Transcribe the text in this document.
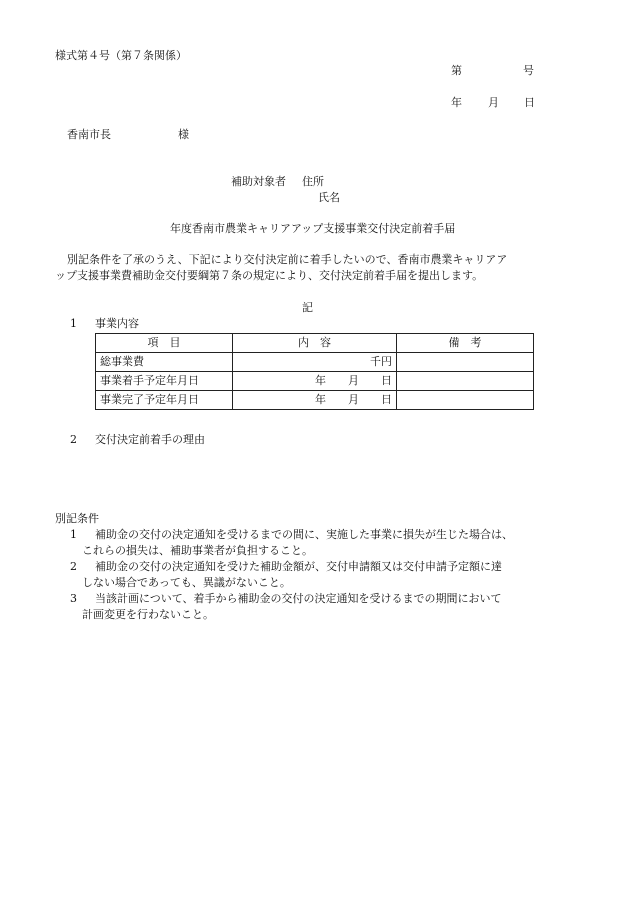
様式第４号（第７条関係）
第	号
年 月 日
香南市長	様
補助対象者 住所
氏名
年度香南市農業キャリアアップ支援事業交付決定前着手届
別記条件を了承のうえ、下記により交付決定前に着手したいので、香南市農業キャリアア
ップ支援事業費補助金交付要綱第７条の規定により、交付決定前着手届を提出します。
記
1 事業内容
項　目	内　容	備　考
総事業費	千円	
事業着手予定年月日	年　　月　　日	
事業完了予定年月日	年　　月　　日	
2 交付決定前着手の理由
別記条件
1 補助金の交付の決定通知を受けるまでの間に、実施した事業に損失が生じた場合は、
これらの損失は、補助事業者が負担すること。
2 補助金の交付の決定通知を受けた補助金額が、交付申請額又は交付申請予定額に達
しない場合であっても、異議がないこと。
3 当該計画について、着手から補助金の交付の決定通知を受けるまでの期間において
計画変更を行わないこと。
